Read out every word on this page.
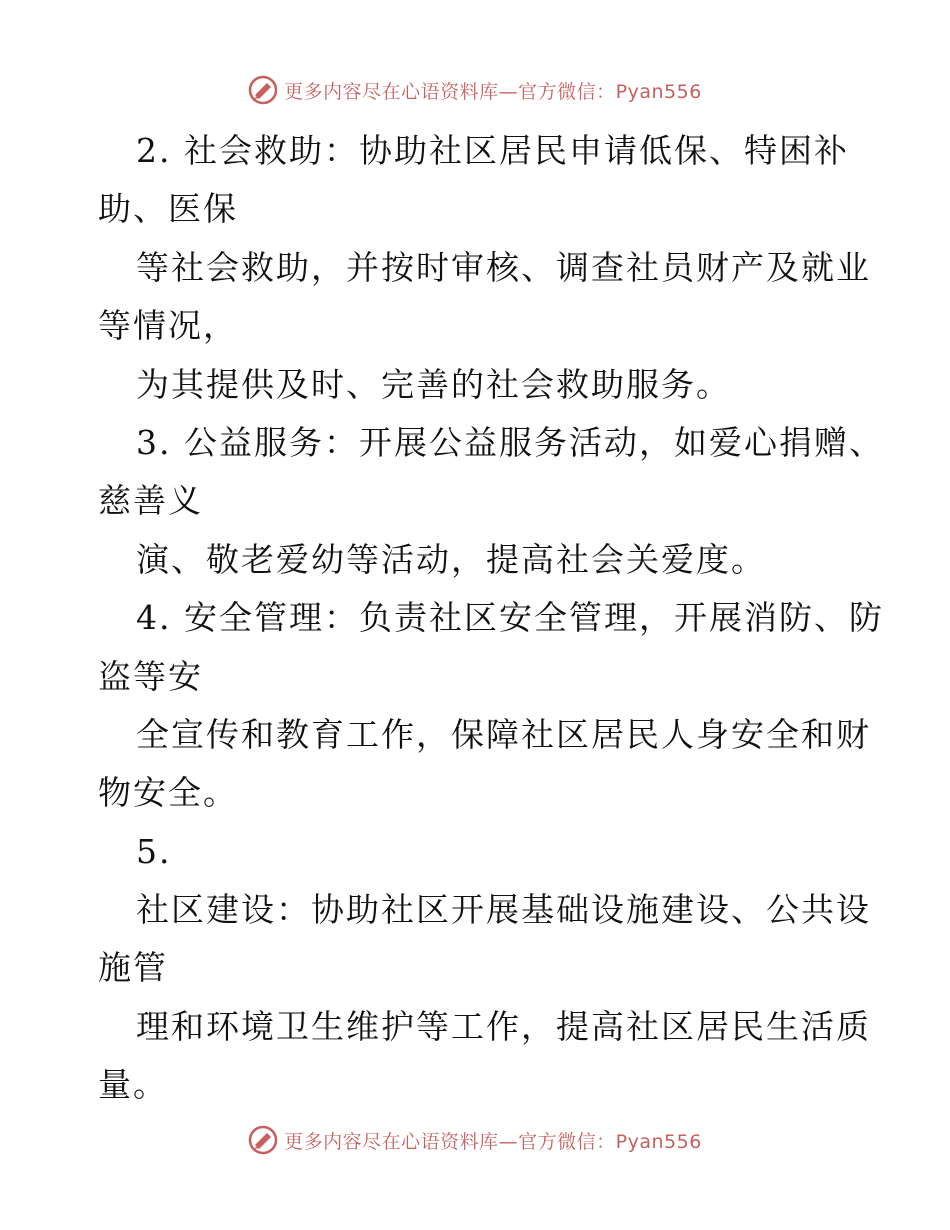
更多内容尽在心语资料库—官方微信：Pyan556
2. 社会救助：协助社区居民申请低保、特困补
助、医保
等社会救助，并按时审核、调查社员财产及就业
等情况，
为其提供及时、完善的社会救助服务。
3. 公益服务：开展公益服务活动，如爱心捐赠、
慈善义
演、敬老爱幼等活动，提高社会关爱度。
4. 安全管理：负责社区安全管理，开展消防、防
盗等安
全宣传和教育工作，保障社区居民人身安全和财
物安全。
5.
社区建设：协助社区开展基础设施建设、公共设
施管
理和环境卫生维护等工作，提高社区居民生活质
量。
更多内容尽在心语资料库—官方微信：Pyan556
